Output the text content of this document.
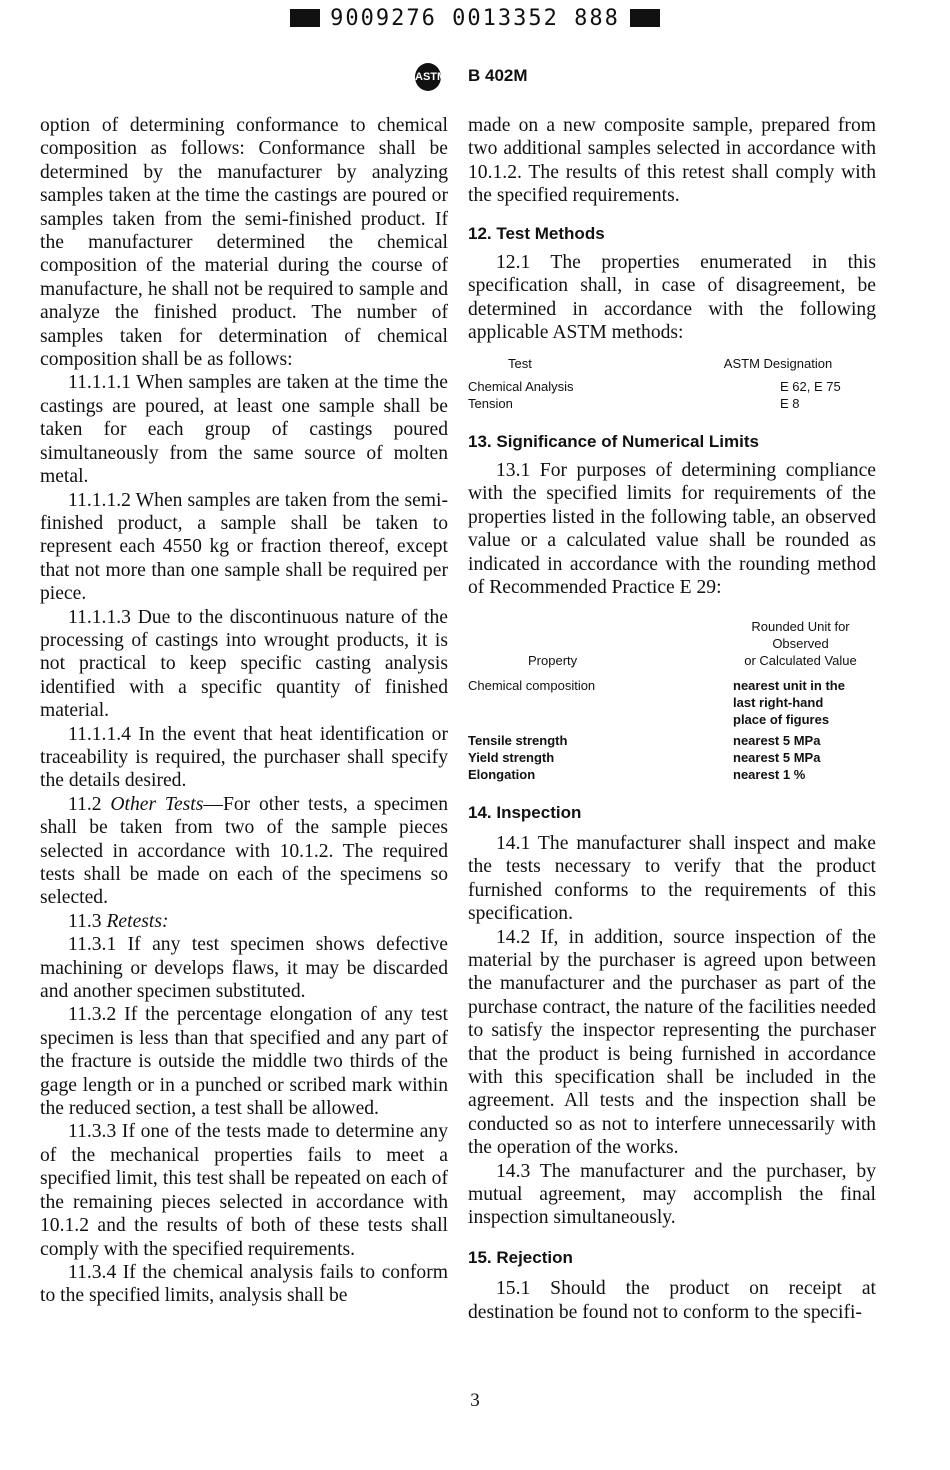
9009276 0013352 888
ASTM B 402M

option of determining conformance to chemical composition as follows: Conformance shall be determined by the manufacturer by analyzing samples taken at the time the castings are poured or samples taken from the semi-finished product. If the manufacturer determined the chemical composition of the material during the course of manufacture, he shall not be required to sample and analyze the finished product. The number of samples taken for determination of chemical composition shall be as follows:

11.1.1.1 When samples are taken at the time the castings are poured, at least one sample shall be taken for each group of castings poured simultaneously from the same source of molten metal.

11.1.1.2 When samples are taken from the semi-finished product, a sample shall be taken to represent each 4550 kg or fraction thereof, except that not more than one sample shall be required per piece.

11.1.1.3 Due to the discontinuous nature of the processing of castings into wrought products, it is not practical to keep specific casting analysis identified with a specific quantity of finished material.

11.1.1.4 In the event that heat identification or traceability is required, the purchaser shall specify the details desired.

11.2 Other Tests—For other tests, a specimen shall be taken from two of the sample pieces selected in accordance with 10.1.2. The required tests shall be made on each of the specimens so selected.

11.3 Retests:

11.3.1 If any test specimen shows defective machining or develops flaws, it may be discarded and another specimen substituted.

11.3.2 If the percentage elongation of any test specimen is less than that specified and any part of the fracture is outside the middle two thirds of the gage length or in a punched or scribed mark within the reduced section, a test shall be allowed.

11.3.3 If one of the tests made to determine any of the mechanical properties fails to meet a specified limit, this test shall be repeated on each of the remaining pieces selected in accordance with 10.1.2 and the results of both of these tests shall comply with the specified requirements.

11.3.4 If the chemical analysis fails to conform to the specified limits, analysis shall be

made on a new composite sample, prepared from two additional samples selected in accordance with 10.1.2. The results of this retest shall comply with the specified requirements.

12. Test Methods

12.1 The properties enumerated in this specification shall, in case of disagreement, be determined in accordance with the following applicable ASTM methods:

Test	ASTM Designation

Chemical Analysis	E 62, E 75
Tension	E 8

13. Significance of Numerical Limits

13.1 For purposes of determining compliance with the specified limits for requirements of the properties listed in the following table, an observed value or a calculated value shall be rounded as indicated in accordance with the rounding method of Recommended Practice E 29:

Property	Rounded Unit for Observed
or Calculated Value

Chemical composition	nearest unit in the last right-hand place of figures
Tensile strength	nearest 5 MPa
Yield strength	nearest 5 MPa
Elongation	nearest 1 %

14. Inspection

14.1 The manufacturer shall inspect and make the tests necessary to verify that the product furnished conforms to the requirements of this specification.

14.2 If, in addition, source inspection of the material by the purchaser is agreed upon between the manufacturer and the purchaser as part of the purchase contract, the nature of the facilities needed to satisfy the inspector representing the purchaser that the product is being furnished in accordance with this specification shall be included in the agreement. All tests and the inspection shall be conducted so as not to interfere unnecessarily with the operation of the works.

14.3 The manufacturer and the purchaser, by mutual agreement, may accomplish the final inspection simultaneously.

15. Rejection

15.1 Should the product on receipt at destination be found not to conform to the specifi-

3
